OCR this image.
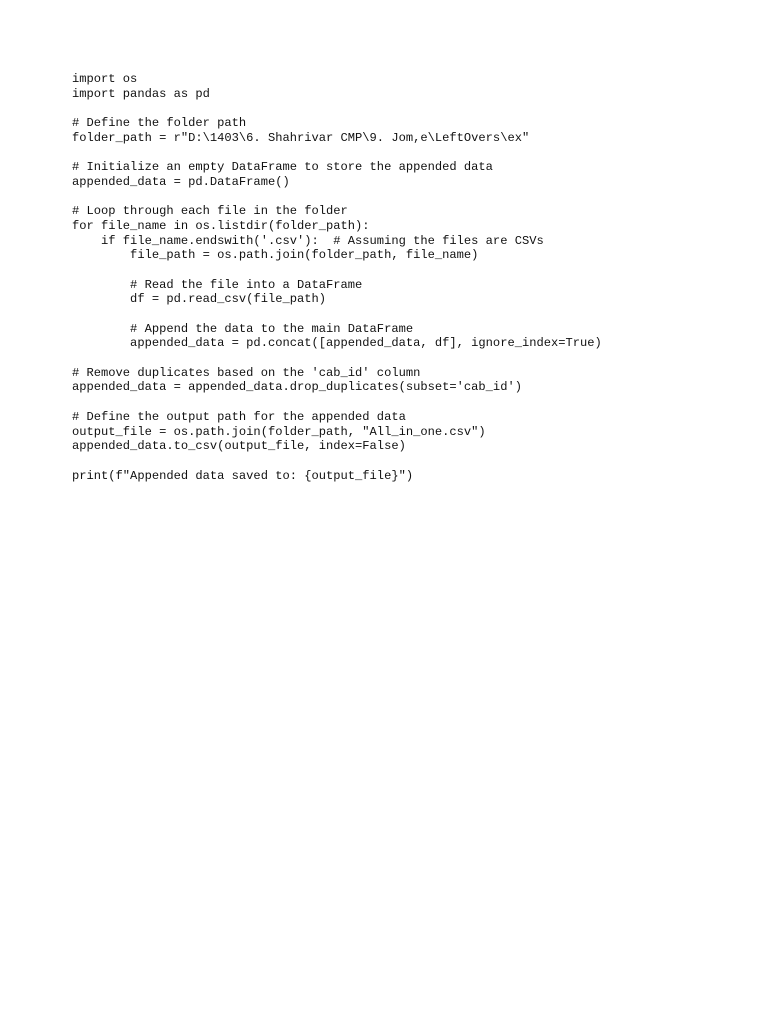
import os
import pandas as pd
# Define the folder path
folder_path = r"D:\1403\6. Shahrivar CMP\9. Jom,e\LeftOvers\ex"
# Initialize an empty DataFrame to store the appended data
appended_data = pd.DataFrame()
# Loop through each file in the folder
for file_name in os.listdir(folder_path):
if file_name.endswith('.csv'):  # Assuming the files are CSVs
file_path = os.path.join(folder_path, file_name)
# Read the file into a DataFrame
df = pd.read_csv(file_path)
# Append the data to the main DataFrame
appended_data = pd.concat([appended_data, df], ignore_index=True)
# Remove duplicates based on the 'cab_id' column
appended_data = appended_data.drop_duplicates(subset='cab_id')
# Define the output path for the appended data
output_file = os.path.join(folder_path, "All_in_one.csv")
appended_data.to_csv(output_file, index=False)
print(f"Appended data saved to: {output_file}")
